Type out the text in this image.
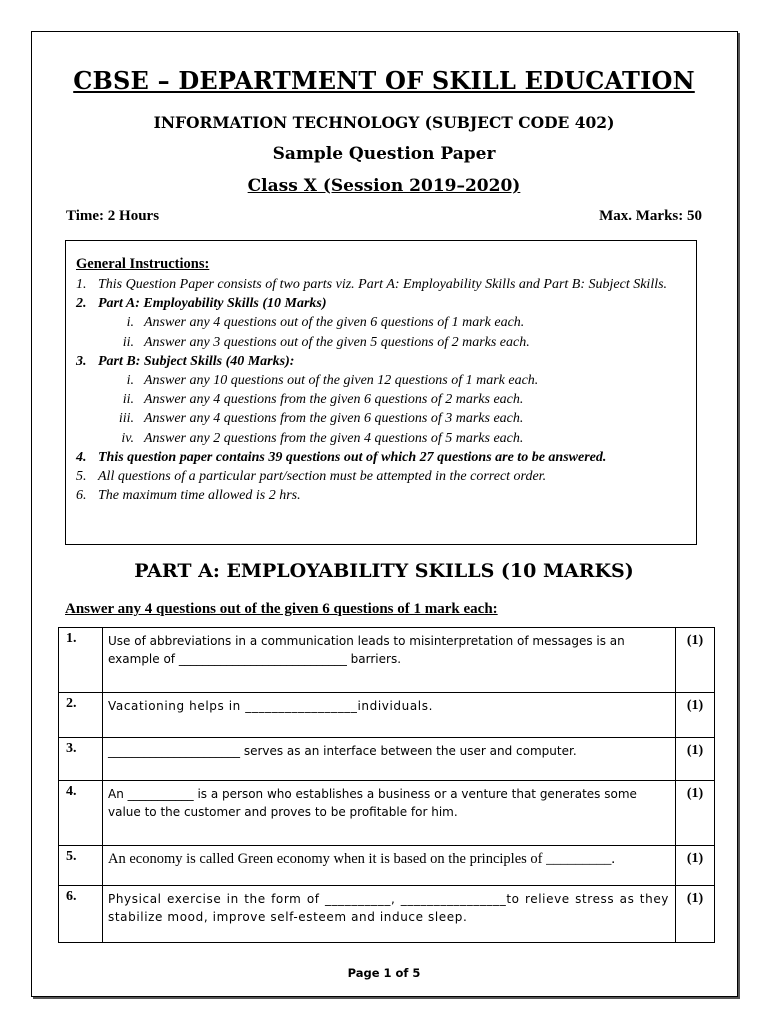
CBSE – DEPARTMENT OF SKILL EDUCATION
INFORMATION TECHNOLOGY (SUBJECT CODE 402)
Sample Question Paper
Class X (Session 2019–2020)
Time: 2 Hours	Max. Marks: 50
General Instructions:
1. This Question Paper consists of two parts viz. Part A: Employability Skills and Part B: Subject Skills.
2. Part A: Employability Skills (10 Marks)
i. Answer any 4 questions out of the given 6 questions of 1 mark each.
ii. Answer any 3 questions out of the given 5 questions of 2 marks each.
3. Part B: Subject Skills (40 Marks):
i. Answer any 10 questions out of the given 12 questions of 1 mark each.
ii. Answer any 4 questions from the given 6 questions of 2 marks each.
iii. Answer any 4 questions from the given 6 questions of 3 marks each.
iv. Answer any 2 questions from the given 4 questions of 5 marks each.
4. This question paper contains 39 questions out of which 27 questions are to be answered.
5. All questions of a particular part/section must be attempted in the correct order.
6. The maximum time allowed is 2 hrs.
PART A: EMPLOYABILITY SKILLS (10 MARKS)
Answer any 4 questions out of the given 6 questions of 1 mark each:
1.	Use of abbreviations in a communication leads to misinterpretation of messages is an example of ____________________________ barriers.	(1)
2.	Vacationing helps in _________________individuals.	(1)
3.	______________________ serves as an interface between the user and computer.	(1)
4.	An ___________ is a person who establishes a business or a venture that generates some value to the customer and proves to be profitable for him.	(1)
5.	An economy is called Green economy when it is based on the principles of _________.	(1)
6.	Physical exercise in the form of __________, ________________to relieve stress as they stabilize mood, improve self-esteem and induce sleep.	(1)
Page 1 of 5
